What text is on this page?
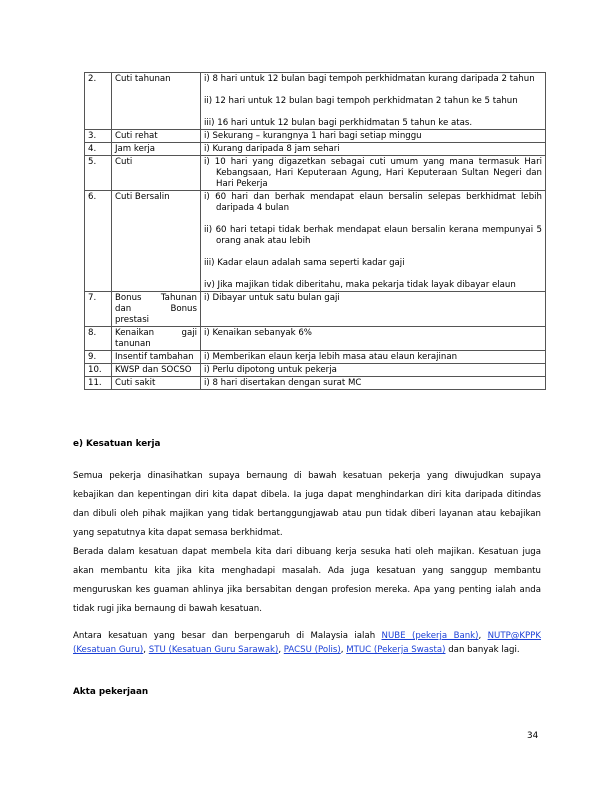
2.	Cuti tahunan	i) 8 hari untuk 12 bulan bagi tempoh perkhidmatan kurang daripada 2 tahun

ii) 12 hari untuk 12 bulan bagi tempoh perkhidmatan 2 tahun ke 5 tahun

iii) 16 hari untuk 12 bulan bagi perkhidmatan 5 tahun ke atas.

3.	Cuti rehat	i) Sekurang – kurangnya 1 hari bagi setiap minggu

4.	Jam kerja	i) Kurang daripada 8 jam sehari

5.	Cuti	i) 10 hari yang digazetkan sebagai cuti umum yang mana termasuk Hari Kebangsaan, Hari Keputeraan Agung, Hari Keputeraan Sultan Negeri dan Hari Pekerja

6.	Cuti Bersalin	i) 60 hari dan berhak mendapat elaun bersalin selepas berkhidmat lebih daripada 4 bulan

ii) 60 hari tetapi tidak berhak mendapat elaun bersalin kerana mempunyai 5 orang anak atau lebih

iii) Kadar elaun adalah sama seperti kadar gaji

iv) Jika majikan tidak diberitahu, maka pekarja tidak layak dibayar elaun

7.	Bonus Tahunan
dan Bonus
prestasi	i) Dibayar untuk satu bulan gaji

8.	Kenaikan gaji
tanunan	i) Kenaikan sebanyak 6%

9.	Insentif tambahan	i) Memberikan elaun kerja lebih masa atau elaun kerajinan

10.	KWSP dan SOCSO	i) Perlu dipotong untuk pekerja

11.	Cuti sakit	i) 8 hari disertakan dengan surat MC

e) Kesatuan kerja

Semua pekerja dinasihatkan supaya bernaung di bawah kesatuan pekerja yang diwujudkan supaya kebajikan dan kepentingan diri kita dapat dibela. Ia juga dapat menghindarkan diri kita daripada ditindas dan dibuli oleh pihak majikan yang tidak bertanggungjawab atau pun tidak diberi layanan atau kebajikan yang sepatutnya kita dapat semasa berkhidmat.

Berada dalam kesatuan dapat membela kita dari dibuang kerja sesuka hati oleh majikan. Kesatuan juga akan membantu kita jika kita menghadapi masalah. Ada juga kesatuan yang sanggup membantu menguruskan kes guaman ahlinya jika bersabitan dengan profesion mereka. Apa yang penting ialah anda tidak rugi jika bernaung di bawah kesatuan.

Antara kesatuan yang besar dan berpengaruh di Malaysia ialah NUBE (pekerja Bank), NUTP@KPPK (Kesatuan Guru), STU (Kesatuan Guru Sarawak), PACSU (Polis), MTUC (Pekerja Swasta) dan banyak lagi.
Akta pekerjaan
34
